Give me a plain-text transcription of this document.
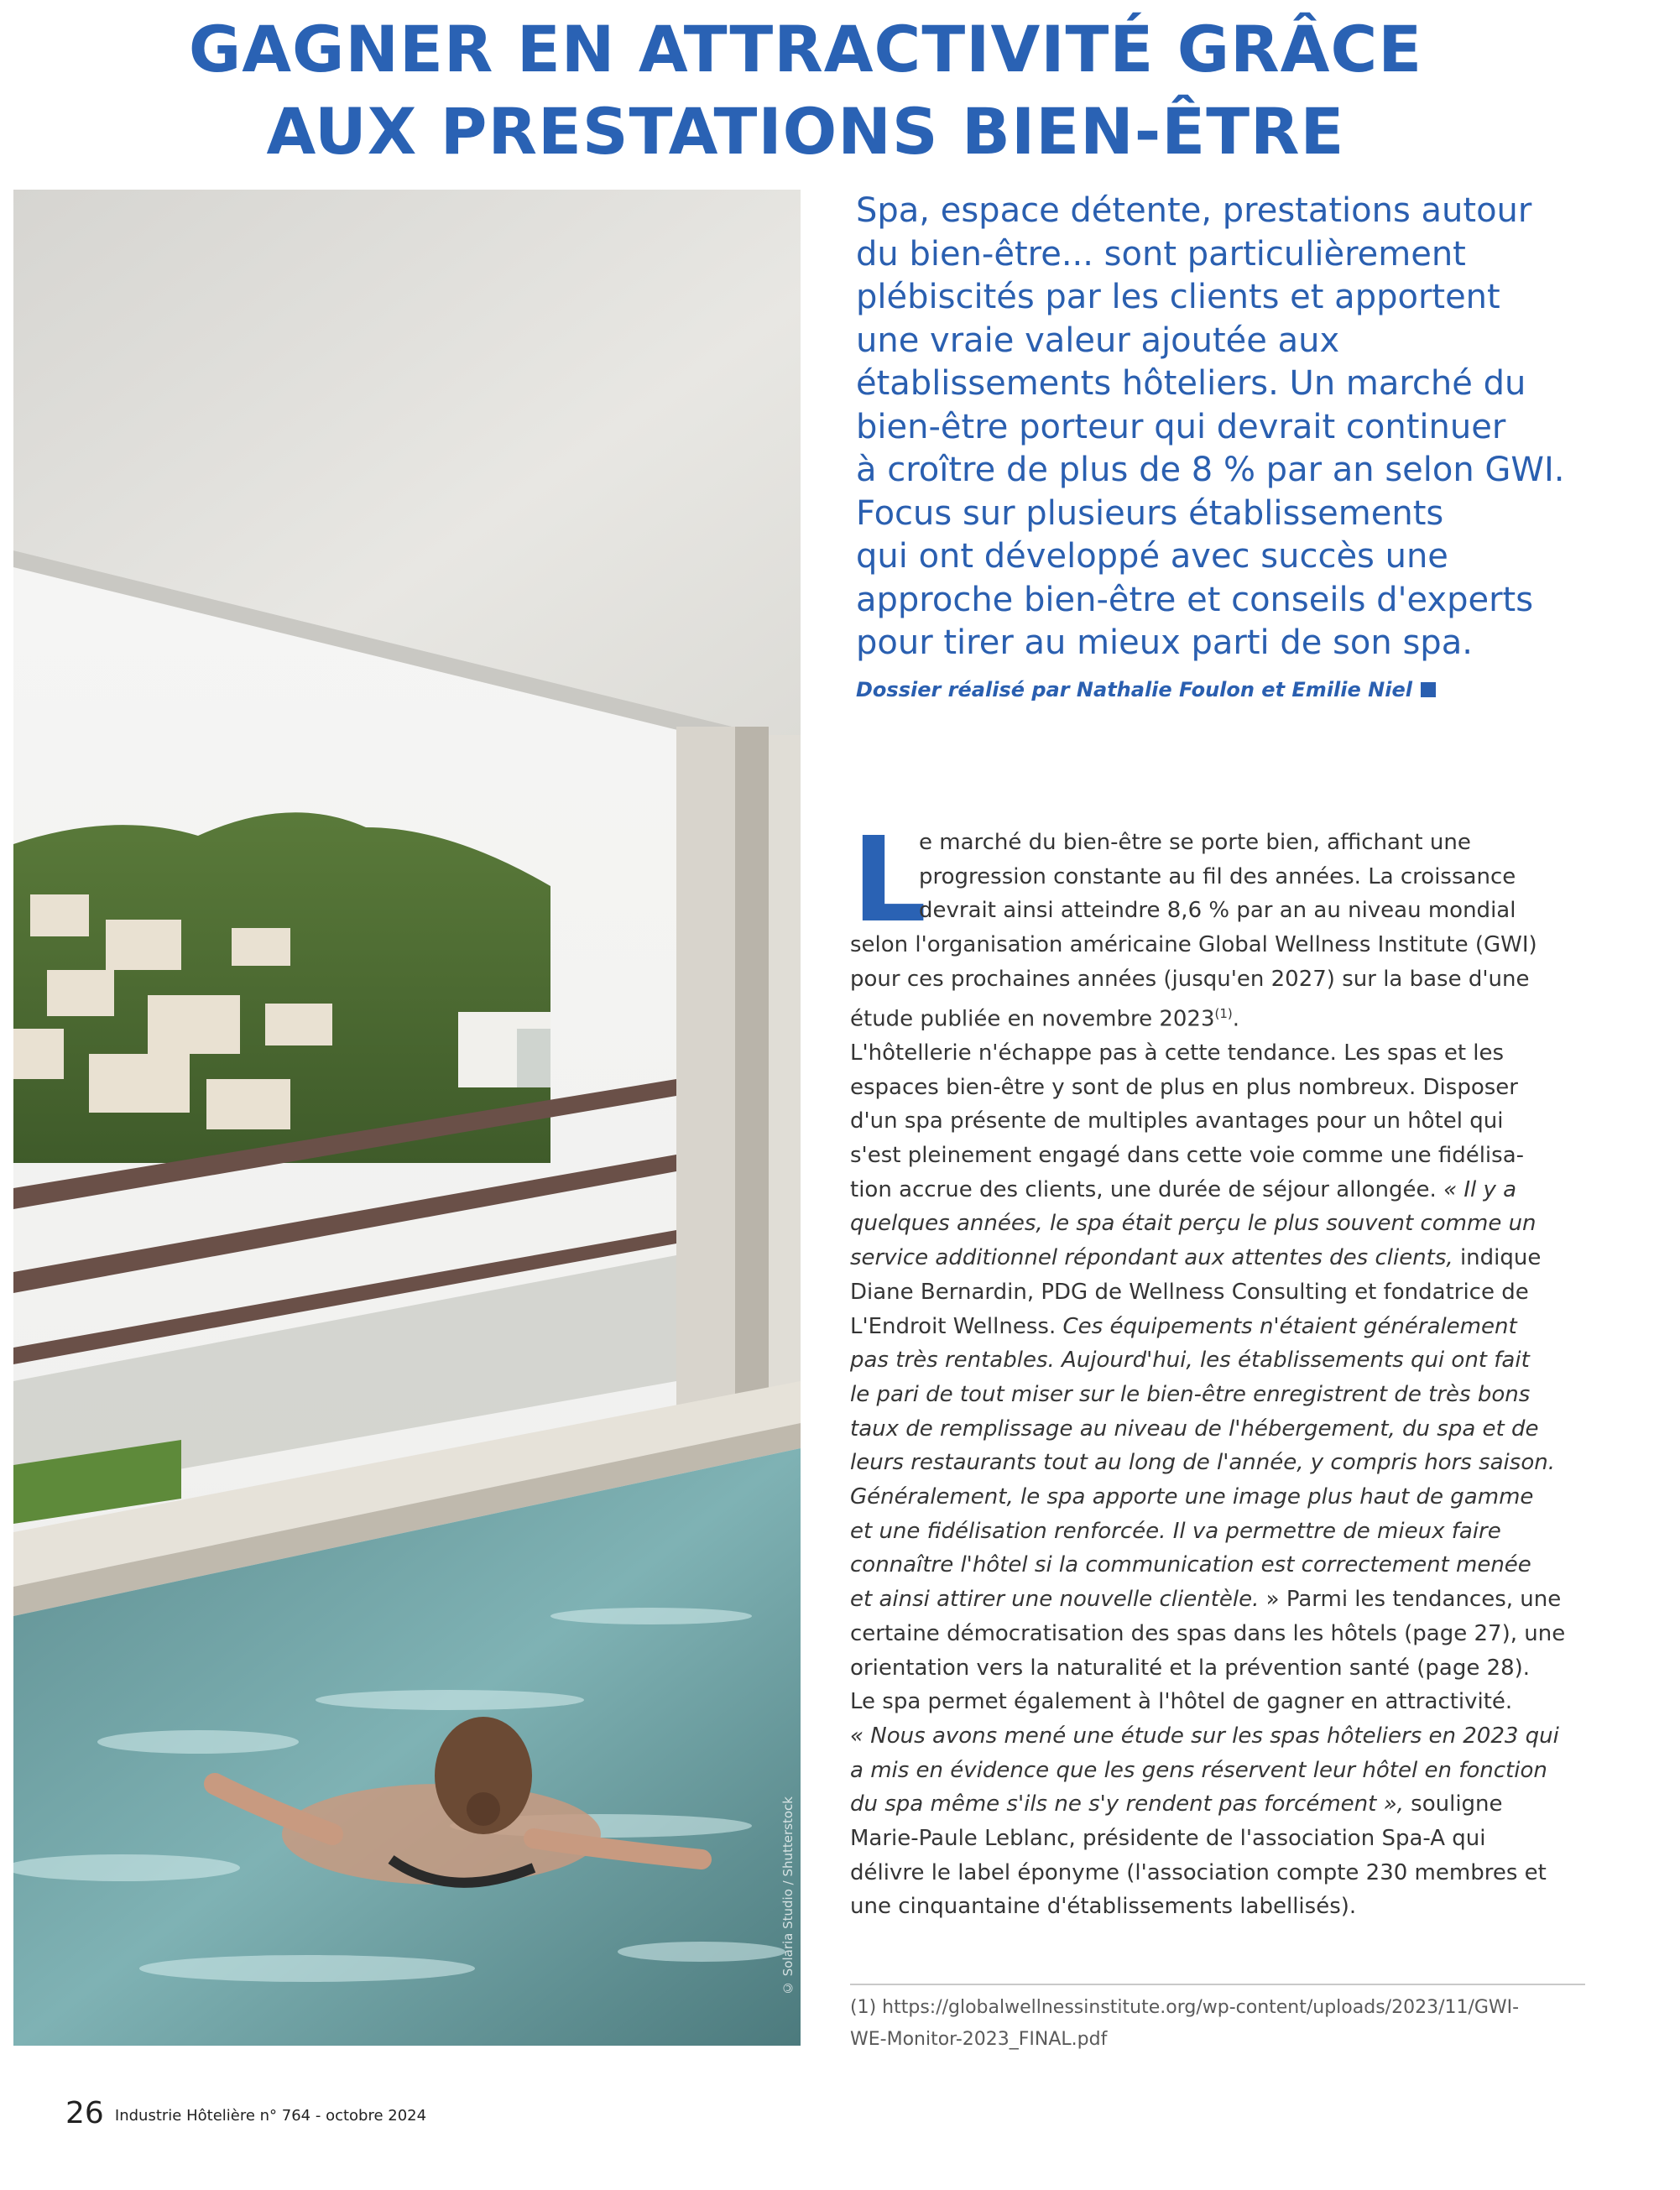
GAGNER EN ATTRACTIVITÉ GRÂCE
AUX PRESTATIONS BIEN-ÊTRE
© Solaria Studio / Shutterstock
Spa, espace détente, prestations autour
du bien-être... sont particulièrement
plébiscités par les clients et apportent
une vraie valeur ajoutée aux
établissements hôteliers. Un marché du
bien-être porteur qui devrait continuer
à croître de plus de 8 % par an selon GWI.
Focus sur plusieurs établissements
qui ont développé avec succès une
approche bien-être et conseils d'experts
pour tirer au mieux parti de son spa.
Dossier réalisé par Nathalie Foulon et Emilie Niel
L
e marché du bien-être se porte bien, affichant une
progression constante au fil des années. La croissance
devrait ainsi atteindre 8,6 % par an au niveau mondial
selon l'organisation américaine Global Wellness Institute (GWI)
pour ces prochaines années (jusqu'en 2027) sur la base d'une
étude publiée en novembre 2023$^{(1)}$.
L'hôtellerie n'échappe pas à cette tendance. Les spas et les
espaces bien-être y sont de plus en plus nombreux. Disposer
d'un spa présente de multiples avantages pour un hôtel qui
s'est pleinement engagé dans cette voie comme une fidélisa-
tion accrue des clients, une durée de séjour allongée. « Il y a
quelques années, le spa était perçu le plus souvent comme un
service additionnel répondant aux attentes des clients, indique
Diane Bernardin, PDG de Wellness Consulting et fondatrice de
L'Endroit Wellness. Ces équipements n'étaient généralement
pas très rentables. Aujourd'hui, les établissements qui ont fait
le pari de tout miser sur le bien-être enregistrent de très bons
taux de remplissage au niveau de l'hébergement, du spa et de
leurs restaurants tout au long de l'année, y compris hors saison.
Généralement, le spa apporte une image plus haut de gamme
et une fidélisation renforcée. Il va permettre de mieux faire
connaître l'hôtel si la communication est correctement menée
et ainsi attirer une nouvelle clientèle. » Parmi les tendances, une
certaine démocratisation des spas dans les hôtels (page 27), une
orientation vers la naturalité et la prévention santé (page 28).
Le spa permet également à l'hôtel de gagner en attractivité.
« Nous avons mené une étude sur les spas hôteliers en 2023 qui
a mis en évidence que les gens réservent leur hôtel en fonction
du spa même s'ils ne s'y rendent pas forcément », souligne
Marie-Paule Leblanc, présidente de l'association Spa-A qui
délivre le label éponyme (l'association compte 230 membres et
une cinquantaine d'établissements labellisés).
(1) https://globalwellnessinstitute.org/wp-content/uploads/2023/11/GWI-
WE-Monitor-2023_FINAL.pdf
26 Industrie Hôtelière n° 764 - octobre 2024
